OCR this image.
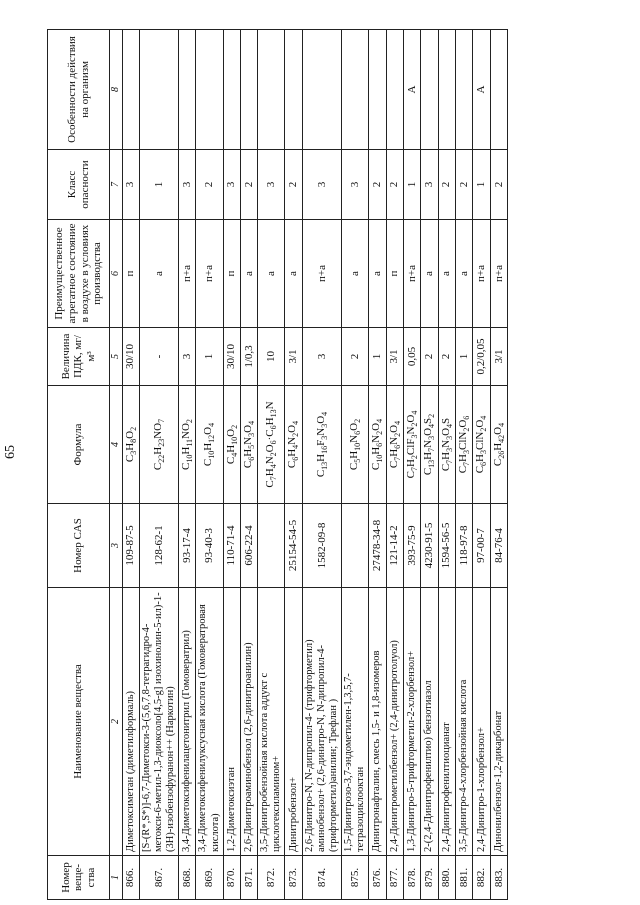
65
Номер веще-ства	Наименование вещества	Номер CAS	Формула	Величина ПДК, мг/м³	Преимущественное агрегатное состояние в воздухе в условиях производства	Класс опасности	Особенности действия на организм
1	2	3	4	5	6	7	8
866.	Диметоксиметан (диметилформаль)	109-87-5	$C_3H_8O_2$	30/10	п	3	
867.	[S-(R*,S*)]-6,7-Диметокси-3-(5,6,7,8-тетрагидро-4-метокси-6-метил-1,3-диоксоло[4,5-g] изохинолин-5-ил)-1-(3Н)-изобензофуранон++ (Наркотин)	128-62-1	$C_{22}H_{23}NO_7$	-	а	1	
868.	3,4-Диметоксифенилацетонитрил (Гомовератрил)	93-17-4	$C_{10}H_{11}NO_2$	3	п+а	3	
869.	3,4-Диметоксифенилуксусная кислота (Гомовератровая кислота)	93-40-3	$C_{10}H_{12}O_4$	1	п+а	2	
870.	1,2-Диметоксиэтан	110-71-4	$C_4H_{10}O_2$	30/10	п	3	
871.	2,6-Динитроаминобензол (2,6-динитроанилин)	606-22-4	$C_6H_5N_3O_4$	1/0,3	а	2	
872.	3,5-Динитробензойная кислота аддукт с циклогексиламином+		$C_7H_4N_2O_6\cdot C_6H_{13}N$	10	а	3	
873.	Динитробензол+	25154-54-5	$C_6H_4N_2O_4$	3/1	а	2	
874.	2,6-Динитро-N, N-дипропил-4- (трифторметил) аминобензол+ (2,6-динитро-N, N-дипропил-4- (трифторметил)анилин; Трефлан )	1582-09-8	$C_{13}H_{16}F_3N_3O_4$	3	п+а	3	
875.	1,5-Динитрозо-3,7-эндометилен-1,3,5,7- тетразоциклооктан		$C_5H_{10}N_6O_2$	2	а	3	
876.	Динитронафталин, смесь 1,5- и 1,8-изомеров	27478-34-8	$C_{10}H_6N_2O_4$	1	а	2	
877.	2,4-Динитрометилбензол+ (2,4-динитротолуол)	121-14-2	$C_7H_6N_2O_4$	3/1	п	2	
878.	1,3-Динитро-5-трифторметил-2-хлорбензол+	393-75-9	$C_7H_2ClF_3N_2O_4$	0,05	п+а	1	А
879.	2-(2,4-Динитрофенилтио) бензотиазол	4230-91-5	$C_{13}H_7N_3O_4S_2$	2	а	3	
880.	2,4-Динитрофенилтиоцианат	1594-56-5	$C_7H_3N_3O_4S$	2	а	2	
881.	3,5-Динитро-4-хлорбензойная кислота	118-97-8	$C_7H_3ClN_2O_6$	1	а	2	
882.	2,4-Динитро-1-хлорбензол+	97-00-7	$C_6H_3ClN_2O_4$	0,2/0,05	п+а	1	А
883.	Динонилбензол-1,2-дикарбонат	84-76-4	$C_{26}H_{42}O_4$	3/1	п+а	2	
